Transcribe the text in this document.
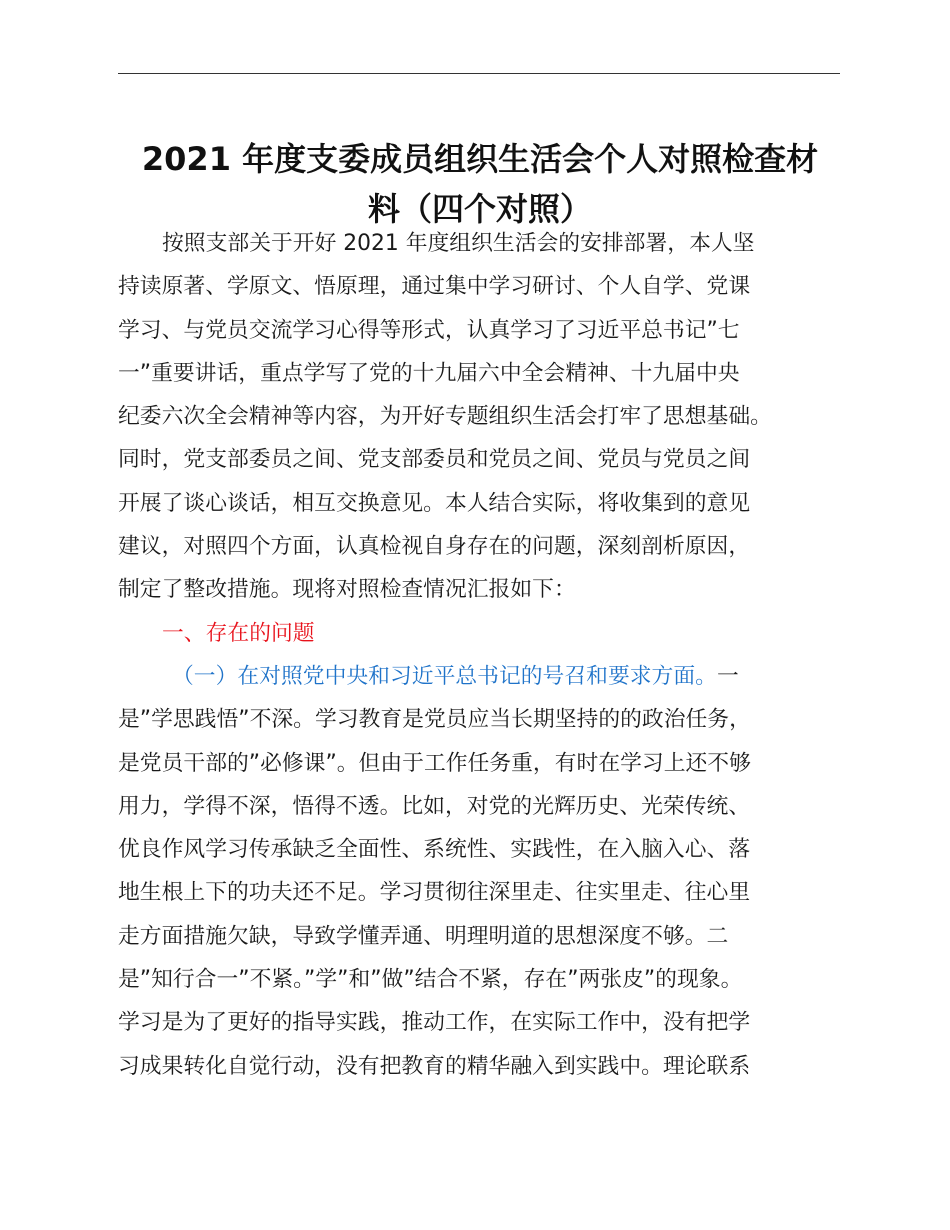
2021 年度支委成员组织生活会个人对照检查材
料（四个对照）
按照支部关于开好 2021 年度组织生活会的安排部署，本人坚
持读原著、学原文、悟原理，通过集中学习研讨、个人自学、党课
学习、与党员交流学习心得等形式，认真学习了习近平总书记”七
一”重要讲话，重点学写了党的十九届六中全会精神、十九届中央
纪委六次全会精神等内容，为开好专题组织生活会打牢了思想基础。
同时，党支部委员之间、党支部委员和党员之间、党员与党员之间
开展了谈心谈话，相互交换意见。本人结合实际，将收集到的意见
建议，对照四个方面，认真检视自身存在的问题，深刻剖析原因，
制定了整改措施。现将对照检查情况汇报如下：
一、存在的问题
（一）在对照党中央和习近平总书记的号召和要求方面。一
是”学思践悟”不深。学习教育是党员应当长期坚持的的政治任务，
是党员干部的”必修课”。但由于工作任务重，有时在学习上还不够
用力，学得不深，悟得不透。比如，对党的光辉历史、光荣传统、
优良作风学习传承缺乏全面性、系统性、实践性，在入脑入心、落
地生根上下的功夫还不足。学习贯彻往深里走、往实里走、往心里
走方面措施欠缺，导致学懂弄通、明理明道的思想深度不够。二
是”知行合一”不紧。”学”和”做”结合不紧，存在”两张皮”的现象。
学习是为了更好的指导实践，推动工作，在实际工作中，没有把学
习成果转化自觉行动，没有把教育的精华融入到实践中。理论联系
